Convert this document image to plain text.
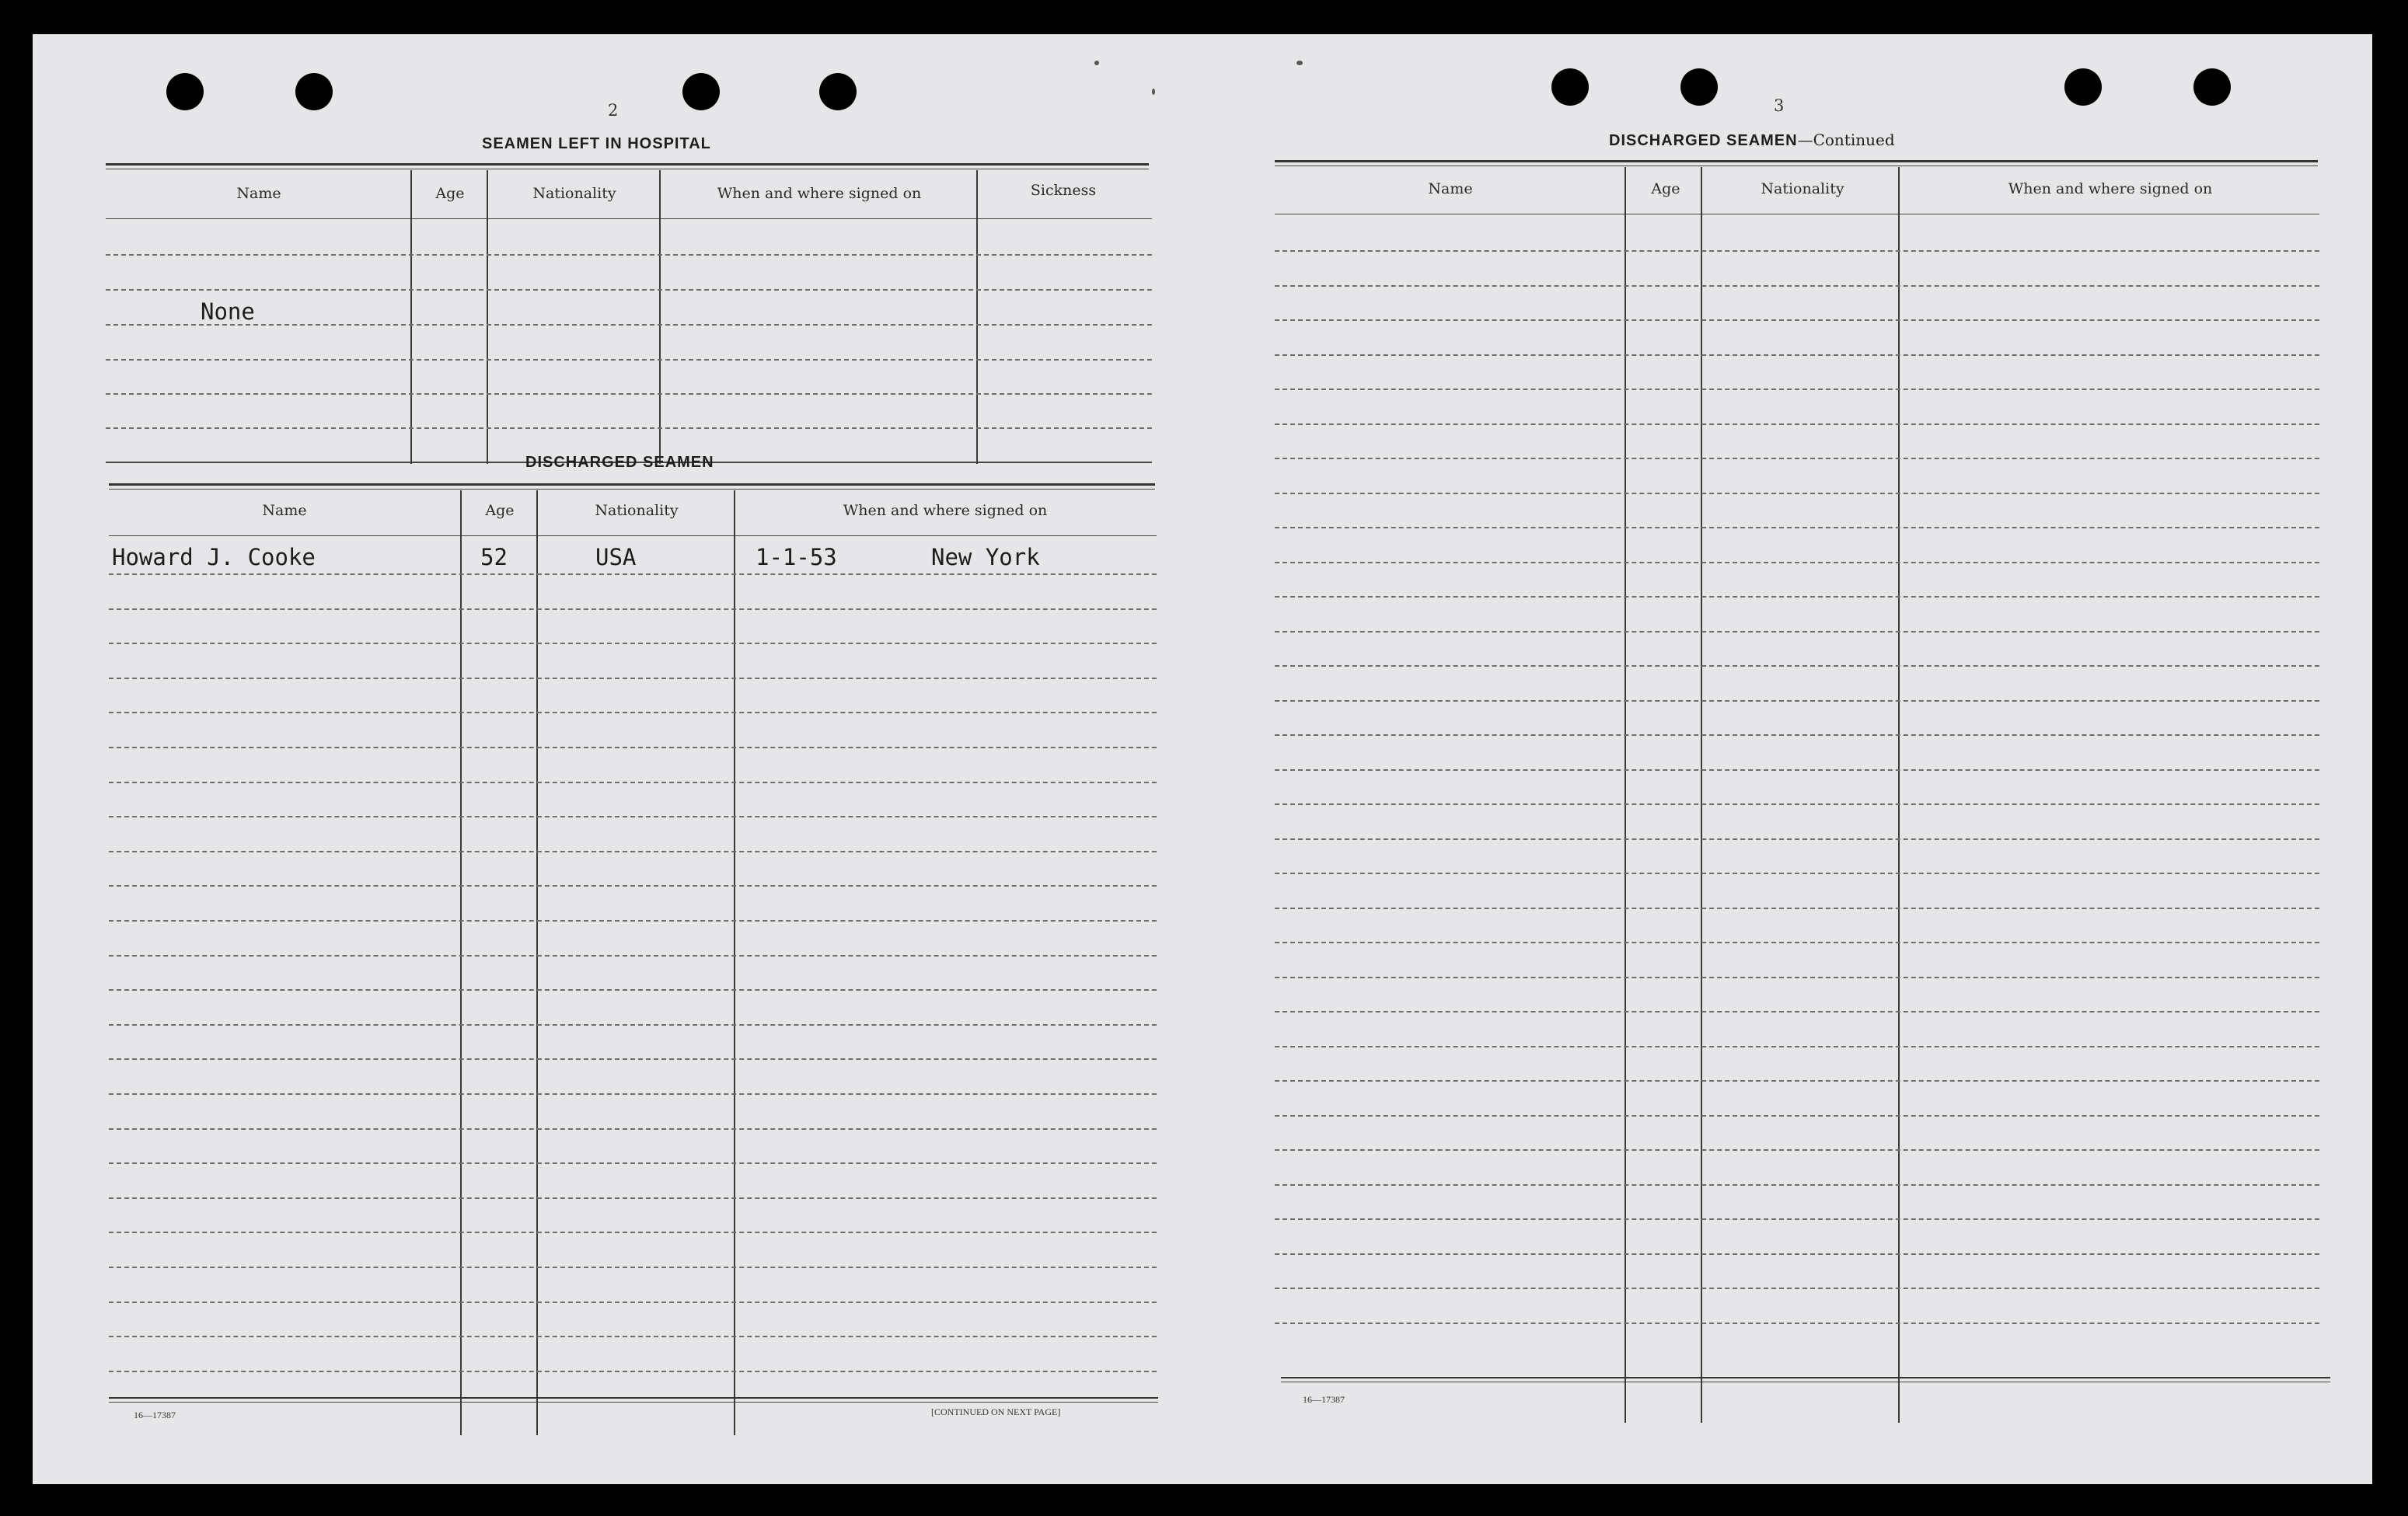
2
SEAMEN LEFT IN HOSPITAL
Name	Age	Nationality	When and where signed on	Sickness
None
DISCHARGED SEAMEN
Name	Age	Nationality	When and where signed on
Howard J. Cooke	52	USA	1-1-53	New York
16—17387	[CONTINUED ON NEXT PAGE]
3
DISCHARGED SEAMEN—Continued
Name	Age	Nationality	When and where signed on
16—17387
